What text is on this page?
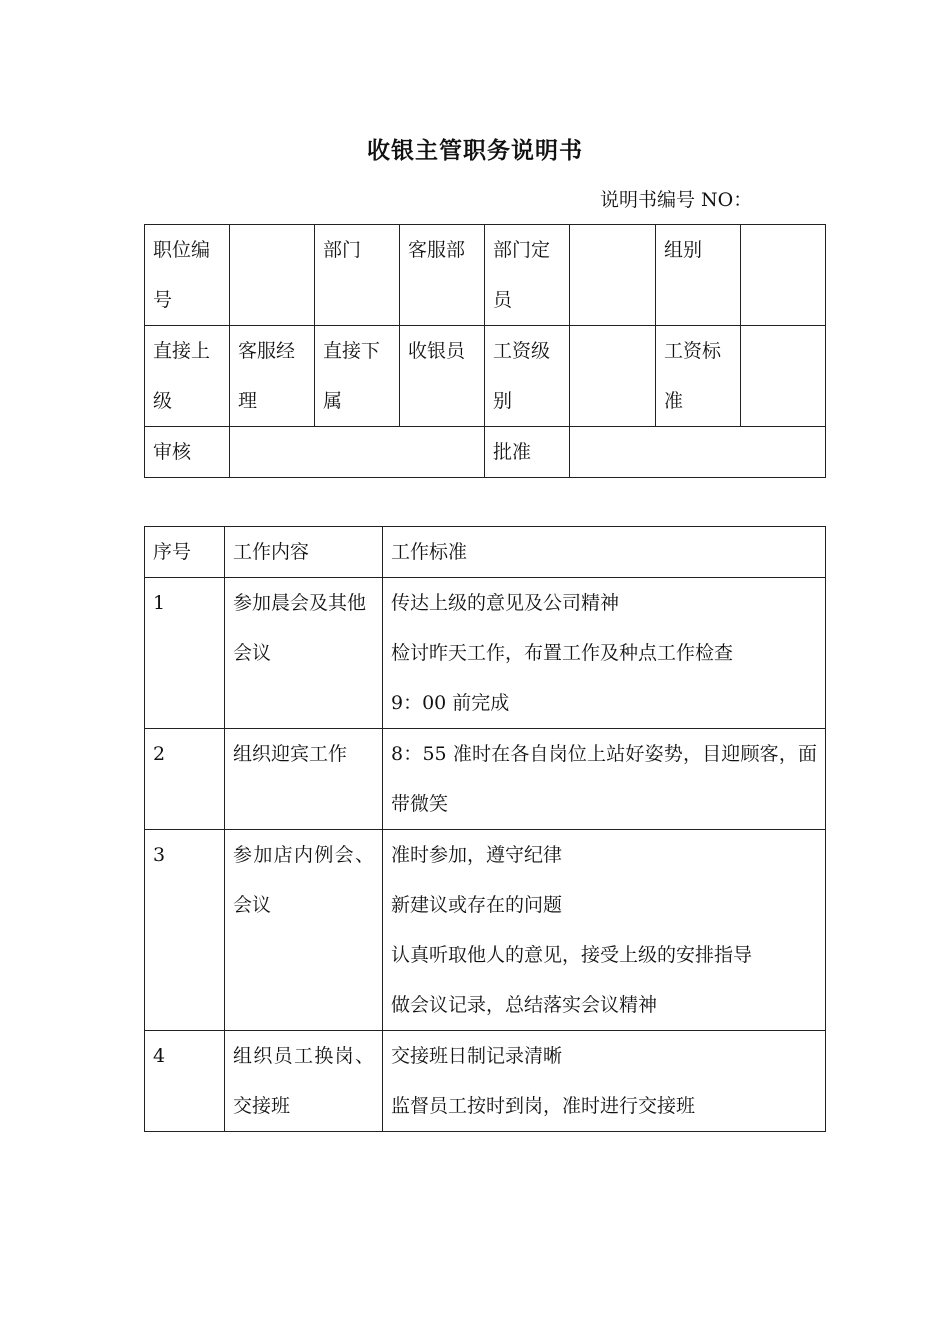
收银主管职务说明书
说明书编号 NO：
职位编号		部门	客服部	部门定员		组别	
直接上级	客服经理	直接下属	收银员	工资级别		工资标准	
审核				批准			
序号	工作内容	工作标准
1	参加晨会及其他会议	传达上级的意见及公司精神
检讨昨天工作，布置工作及种点工作检查
9：00 前完成

2	组织迎宾工作	8：55 准时在各自岗位上站好姿势，目迎顾客，面带微笑

3	参加店内例会、会议	准时参加，遵守纪律
新建议或存在的问题
认真听取他人的意见，接受上级的安排指导
做会议记录，总结落实会议精神

4	组织员工换岗、交接班	交接班日制记录清晰
监督员工按时到岗，准时进行交接班
